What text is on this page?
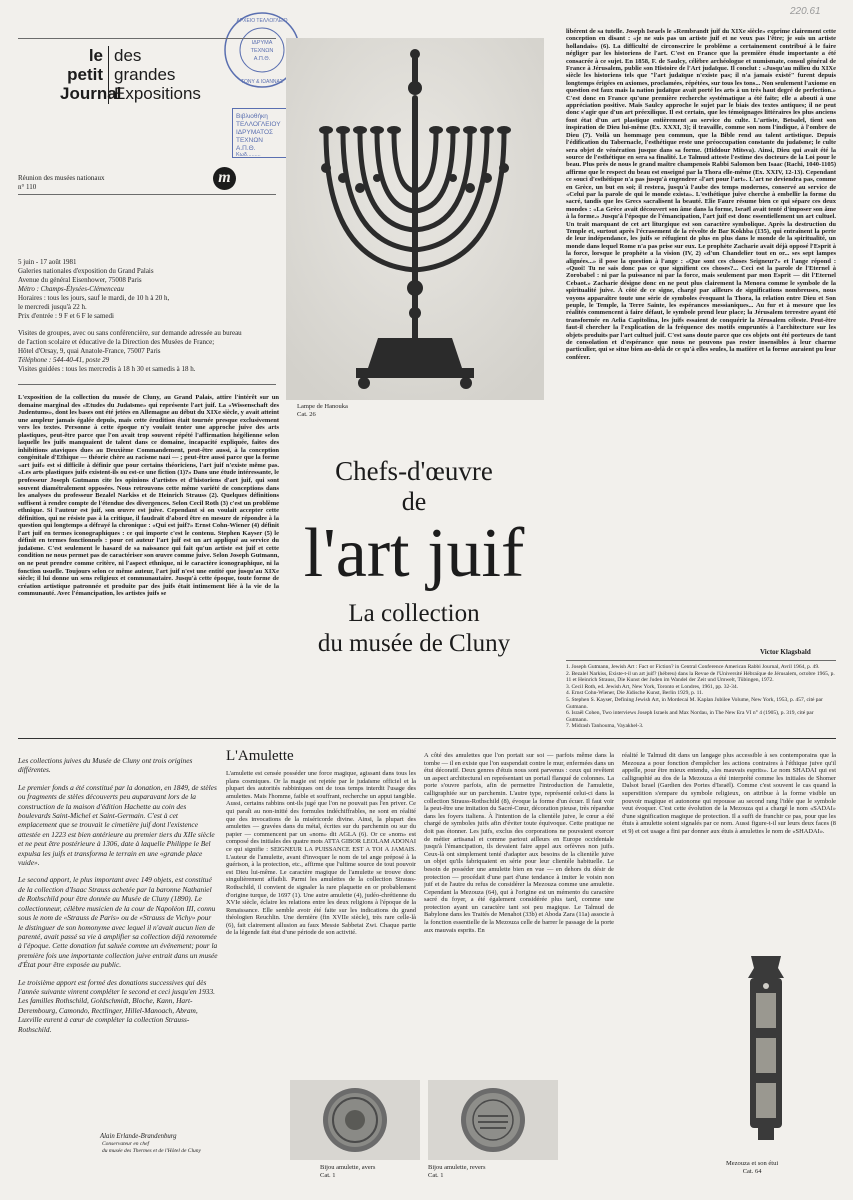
220.61
ΙΔΡΥΜΑ
ΤΕΧΝΩΝ
Α.Π.Θ.
ΑΡΧΕΙΟ ΤΕΛΛΟΓΛΕΙΟ
ΤΟΝΥ & ΙΩΑΝΝΑΣ
Βιβλιοθήκη
ΤΕΛΛΟΓΛΕΙΟΥ
ΙΔΡΥΜΑΤΟΣ
ΤΕΧΝΩΝ
Α.Π.Θ.
Κωδ.........
le
petit
Journal
des
grandes
Expositions
Réunion des musées nationaux
n° 110
m
5 juin - 17 août 1981
Galeries nationales d'exposition du Grand Palais
Avenue du général Eisenhower, 75008 Paris
Métro : Champs-Élysées-Clémenceau
Horaires : tous les jours, sauf le mardi, de 10 h à 20 h,
le mercredi jusqu'à 22 h.
Prix d'entrée : 9 F et 6 F le samedi
Visites de groupes, avec ou sans conférencière, sur demande adressée au bureau
de l'action scolaire et éducative de la Direction des Musées de France;
Hôtel d'Orsay, 9, quai Anatole-France, 75007 Paris
Téléphone : 544-40-41, poste 29
Visites guidées : tous les mercredis à 18 h 30 et samedis à 18 h.
L'exposition de la collection du musée de Cluny, au Grand Palais, attire l'intérêt sur un domaine marginal des «Etudes du Judaïsme» qui représente l'art juif. La «Wissenschaft des Judentums», dont les bases ont été jetées en Allemagne au début du XIXe siècle, y avait atteint une ampleur jamais égalée depuis, mais cette érudition était tournée presque exclusivement vers les textes. Personne à cette époque n'y voulait tenter une approche juive des arts plastiques, peut-être parce que l'on avait trop souvent répété l'affirmation hégélienne selon laquelle les juifs manquaient de talent dans ce domaine, incapacité expliquée, faites des inhibitions ataviques dues au Deuxième Commandement, peut-être aussi, à la conception congénitale d'Ethique — théorie chère au racisme nazi — ; peut-être aussi parce que la forme «art juif» est si difficile à définir que pour certains théoriciens, l'art juif n'existe même pas. «Les arts plastiques juifs existent-ils ou est-ce une fiction (1)?» Dans une étude intéressante, le professeur Joseph Gutmann cite les opinions d'artistes et d'historiens d'art juif, qui sont souvent diamétralement opposées. Nous retrouvons cette même variété de conceptions dans les analyses du professeur Bezalel Narkiss et de Heinrich Strauss (2). Quelques définitions suffisent à rendre compte de l'étendue des divergences. Selon Cecil Roth (3) c'est un problème ethnique. Si l'auteur est juif, son œuvre est juive. Cependant si on voulait accepter cette définition, qui ne résiste pas à la critique, il faudrait d'abord être en mesure de répondre à la question qui longtemps a défrayé la chronique : «Qui est juif?» Ernst Cohn-Wiener (4) définit l'art juif en termes iconographiques : ce qui importe c'est le contenu. Stephen Kayser (5) le définit en termes fonctionnels : pour cet auteur l'art juif est un art appliqué au service du judaïsme. C'est seulement le hasard de sa naissance qui fait qu'un artiste est juif et cette condition ne nous permet pas de caractériser son œuvre comme juive. Selon Joseph Gutmann, on ne peut prendre comme critère, ni l'aspect ethnique, ni le caractère iconographique, ni la fonction usuelle. Toujours selon ce même auteur, l'art juif n'est une entité que jusqu'au XIXe siècle; il lui donne un sens religieux et communautaire. Jusqu'à cette époque, toute forme de création artistique patronnée et produite par des juifs était intimement liée à la vie de la communauté. Avec l'émancipation, les artistes juifs se
Lampe de Hanouka
Cat. 26
Chefs-d'œuvre
de
l'art juif
La collection
du musée de Cluny
libérent de sa tutelle. Joseph Israels le «Rembrandt juif du XIXe siècle» exprime clairement cette conception en disant : «je ne suis pas un artiste juif et ne veux pas l'être; je suis un artiste hollandais» (6). La difficulté de circonscrire le problème a certainement contribué à le faire négliger par les historiens de l'art. C'est en France que la première étude importante a été consacrée à ce sujet. En 1858, F. de Saulcy, célèbre archéologue et numismate, consul général de France à Jérusalem, publie son Histoire de l'Art judaïque. Il conclut : «Jusqu'au milieu du XIXe siècle les historiens tels que "l'art judaïque n'existe pas; il n'a jamais existé" furent depuis longtemps érigées en axiomes, proclamées, répétées, sur tous les tons... Non seulement l'axiome en question est faux mais la nation judaïque avait porté les arts à un très haut degré de perfection.» C'est donc en France qu'une première recherche systématique a été faite; elle a abouti à une appréciation positive. Mais Saulcy approche le sujet par le biais des textes antiques; il ne peut donc s'agir que d'un art préexilique. Il est certain, que les témoignages littéraires les plus anciens font état d'un art plastique entièrement au service du culte. L'artiste, Betsalel, tient son inspiration de Dieu lui-même (Ex. XXXI, 3); il travaille, comme son nom l'indique, à l'ombre de Dieu (7). Voilà un hommage peu commun, que la Bible rend au talent artistique. Depuis l'édification du Tabernacle, l'esthétique reste une préoccupation constante du judaïsme; le culte sera objet de vénération jusque dans sa forme. (Hiddour Mitsva). Ainsi, Dieu qui avait été la source de l'esthétique en sera sa finalité. Le Talmud atteste l'estime des docteurs de la Loi pour le beau. Plus près de nous le grand maître champenois Rabbi Salomon ben Isaac (Rachi, 1040-1105) affirme que le respect du beau est enseigné par la Thora elle-même (Ex. XXIV, 12-13). Cependant ce souci d'esthétique n'a pas jusqu'à engendrer «l'art pour l'art». L'art ne deviendra pas, comme en Grèce, un but en soi; il restera, jusqu'à l'aube des temps modernes, conservé au service de «Celui par la parole de qui le monde exista». L'esthétique juive cherche à embellir la forme du sacré, tandis que les Grecs sacralisent la beauté. Elie Faure résume bien ce qui sépare ces deux mondes : «La Grèce avait découvert son âme dans la forme, Israël avait tenté d'imposer son âme à la forme.» Jusqu'à l'époque de l'émancipation, l'art juif est donc essentiellement un art cultuel. Un trait marquant de cet art liturgique est son caractère symbolique. Après la destruction du Temple et, surtout après l'écrasement de la révolte de Bar Kokhba (135), qui entraînent la perte de leur indépendance, les juifs se réfugient de plus en plus dans le monde de la spiritualité, un monde dans lequel Rome n'a pas prise sur eux. Le prophète Zacharie avait déjà opposé l'Esprit à la force, lorsque le prophète a la vision (IV, 2) «d'un Chandelier tout en or... ses sept lampes alignées...» il pose la question à l'ange : «Que sont ces choses Seigneur?» et l'ange répond : «Quoi! Tu ne sais donc pas ce que signifient ces choses?... Ceci est la parole de l'Eternel à Zorobabel : ni par la puissance ni par la force, mais seulement par mon Esprit — dit l'Eternel Cebaot.» Zacharie désigne donc en ne peut plus clairement la Menora comme le symbole de la spiritualité juive. À côté de ce signe, chargé par ailleurs de significations nombreuses, nous voyons apparaître toute une série de symboles évoquant la Thora, la relation entre Dieu et Son peuple, le Temple, la Terre Sainte, les espérances messianiques... Au fur et à mesure que les réalités commencent à faire défaut, le symbole prend leur place; la Jérusalem terrestre ayant été transformée en Aelia Capitolina, les juifs essaient de conquérir la Jérusalem céleste. Peut-être faut-il chercher la l'explication de la fréquence des motifs empruntés à l'architecture sur les objets produits par l'art cultuel juif. C'est sans doute parce que ces objets ont été porteurs de tant de consolation et d'espérance que nous ne pouvons pas rester insensibles à leur charme particulier, qui se situe bien au-delà de ce qu'à elles seules, la matière et la forme auraient pu leur conférer.
Victor Klagsbald
1. Joseph Gutmann, Jewish Art : Fact or Fiction? in Central Conference American Rabbi Journal, Avril 1964, p. 49.
2. Bezalel Narkiss, Existe-t-il un art juif? (hébreu) dans la Revue de l'Université Hébraïque de Jérusalem, octobre 1965, p. 11 et Heinrich Strauss, Die Kunst der Juden im Wandel der Zeit und Umwelt, Tübingen, 1972.
3. Cecil Roth, ed. Jewish Art, New York, Toronto et Londres, 1961, pp. 32-34.
4. Ernst Cohn-Wiener, Die Jüdische Kunst, Berlin 1929, p. 11.
5. Stephen S. Kayser, Defining Jewish Art, in Mordecai M. Kaplan Jubilee Volume, New York, 1953, p. 457, cité par Gutmann.
6. Israël Cohen, Two interviews Joseph Israels and Max Nordau, in The New Era VI n° 4 (1905), p. 319, cité par Gutmann.
7. Midrash Tanhouma, Vayakhel-3.
Les collections juives du Musée de Cluny ont trois origines différentes.
Le premier fonds a été constitué par la donation, en 1849, de stèles ou fragments de stèles découverts peu auparavant lors de la construction de la maison d'édition Hachette au coin des boulevards Saint-Michel et Saint-Germain. C'est à cet emplacement que se trouvait le cimetière juif dont l'existence attestée en 1223 est bien antérieure au premier tiers du XIIe siècle et ne peut être postérieure à 1306, date à laquelle Philippe le Bel expulsa les juifs et transforma le terrain en une «grande place vuide».
Le second apport, le plus important avec 149 objets, est constitué de la collection d'Isaac Strauss achetée par la baronne Nathaniel de Rothschild pour être donnée au Musée de Cluny (1890). Le collectionneur, célèbre musicien de la cour de Napoléon III, connu sous le nom de «Strauss de Paris» ou de «Strauss de Vichy» pour le distinguer de son homonyme avec lequel il n'avait aucun lien de parenté, avait passé sa vie à amplifier sa collection déjà renommée à l'époque. Cette donation fut saluée comme un événement; pour la première fois une importante collection juive entrait dans un musée d'État pour être exposée au public.
Le troisième apport est formé des donations successives qui dès l'année suivante vinrent compléter le second et ceci jusqu'en 1933. Les familles Rothschild, Goldschmidt, Bloche, Kann, Hart-Derembourg, Camondo, Rectlinger, Hillel-Manoach, Abram, Luxville eurent à cœur de compléter la collection Strauss-Rothschild.
Alain Erlande-Brandenburg
Conservateur en chef
du musée des Thermes et de l'Hôtel de Cluny
L'Amulette
L'amulette est censée posséder une force magique, agissant dans tous les plans cosmiques. Or la magie est rejetée par le judaïsme officiel et la plupart des autorités rabbiniques ont de tous temps interdit l'usage des amulettes. Mais l'homme, faible et souffrant, recherche un appui tangible. Aussi, certains rabbins ont-ils jugé que l'on ne pouvait pas l'en priver. Ce qui paraît au non-initié des formules indéchiffrables, ne sont en réalité que des invocations de la miséricorde divine. Ainsi, la plupart des amulettes — gravées dans du métal, écrites sur du parchemin ou sur du papier — commencent par un «nom» dit AGLA (6). Or ce «nom» est composé des initiales des quatre mots ATTA GIBOR LEOLAM ADONAI ce qui signifie : SEIGNEUR LA PUISSANCE EST A TOI A JAMAIS. L'auteur de l'amulette, avant d'invoquer le nom de tel ange préposé à la guérison, à la protection, etc., affirme que l'ultime source de tout pouvoir est Dieu lui-même. Le caractère magique de l'amulette se trouve donc singulièrement affaibli. Parmi les amulettes de la collection Strauss-Rothschild, il convient de signaler la rare plaquette en or probablement d'origine turque, de 1697 (1). Une autre amulette (4), judéo-chrétienne du XVIe siècle, éclaire les relations entre les deux religions à l'époque de la Renaissance. Elle semble avoir été faite sur les indications du grand théologien Reuchlin. Une dernière (fin XVIIe siècle), très rare celle-là (6), fait clairement allusion au faux Messie Sabbetai Zwi. Chaque partie de la légende fait état d'une période de son activité.
A côté des amulettes que l'on portait sur soi — parfois même dans la tombe — il en existe que l'on suspendait contre le mur, enfermées dans un étui décoratif. Deux genres d'étuis nous sont parvenus : ceux qui revêtent un aspect architectural en représentant un portail flanqué de colonnes. La porte s'ouvre parfois, afin de permettre l'introduction de l'amulette, calligraphiée sur un parchemin. L'autre type, représenté celui-ci dans la collection Strauss-Rothschild (8), évoque la forme d'un écuer. Il faut voir la peut-être une imitation du Sacré-Cœur, décoration pieuse, très répandue dans les foyers italiens. À l'intention de la clientèle juive, le cœur a été chargé de symboles juifs afin d'éviter toute équivoque. Cette pratique ne doit pas étonner. Les juifs, exclus des corporations ne pouvaient exercer de métier artisanal et comme partout ailleurs en Europe occidentale jusqu'à l'émancipation, ils devaient faire appel aux orfèvres non juifs. Ceux-là ont simplement tenté d'adapter aux besoins de la clientèle juive un objet qu'ils fabriquaient en série pour leur clientèle habituelle. Le besoin de posséder une amulette bien en vue — en dehors du désir de protection — procédait d'une part d'une tendance à imiter le voisin non juif et de l'autre du refus de considérer la Mezouza comme une amulette. Cependant la Mezouza (64), qui à l'origine est un mémento du caractère sacré du foyer, a été également considérée plus tard, comme une protection ayant un caractère tant soi peu magique. Le Talmud de Babylone dans les Traités de Menahot (33b) et Aboda Zara (11a) associe à la fonction essentielle de la Mezouza celle de barrer le passage de la porte aux mauvais esprits. En
réalité le Talmud dit dans un langage plus accessible à ses contemporains que la Mezouza a pour fonction d'empêcher les actions contraires à l'éthique juive qu'il appelle, pour être mieux entendu, «les mauvais esprits». Le nom SHADAI qui est calligraphié au dos de la Mezouza a été interprété comme les initiales de Shomer Dalsot Israel (Gardien des Portes d'Israël). Comme c'est souvent le cas quand la superstition s'empare du symbole religieux, on attribue à la forme visible un pouvoir magique et autonome qui repousse au second rang l'idée que le symbole veut évoquer. C'est cette évolution de la Mezouza qui a chargé le nom «SADAI» d'une signification magique de protection. Il a suffi de franchir ce pas, pour que les étuis à amulette soient signalés par ce nom. Aussi figure-t-il sur leurs deux faces (8 et 9) et cet usage a fini par donner aux étuis à amulettes le nom de «SHADAI».
Bijou amulette, avers
Cat. 1
Bijou amulette, revers
Cat. 1
Mezouza et son étui
Cat. 64
